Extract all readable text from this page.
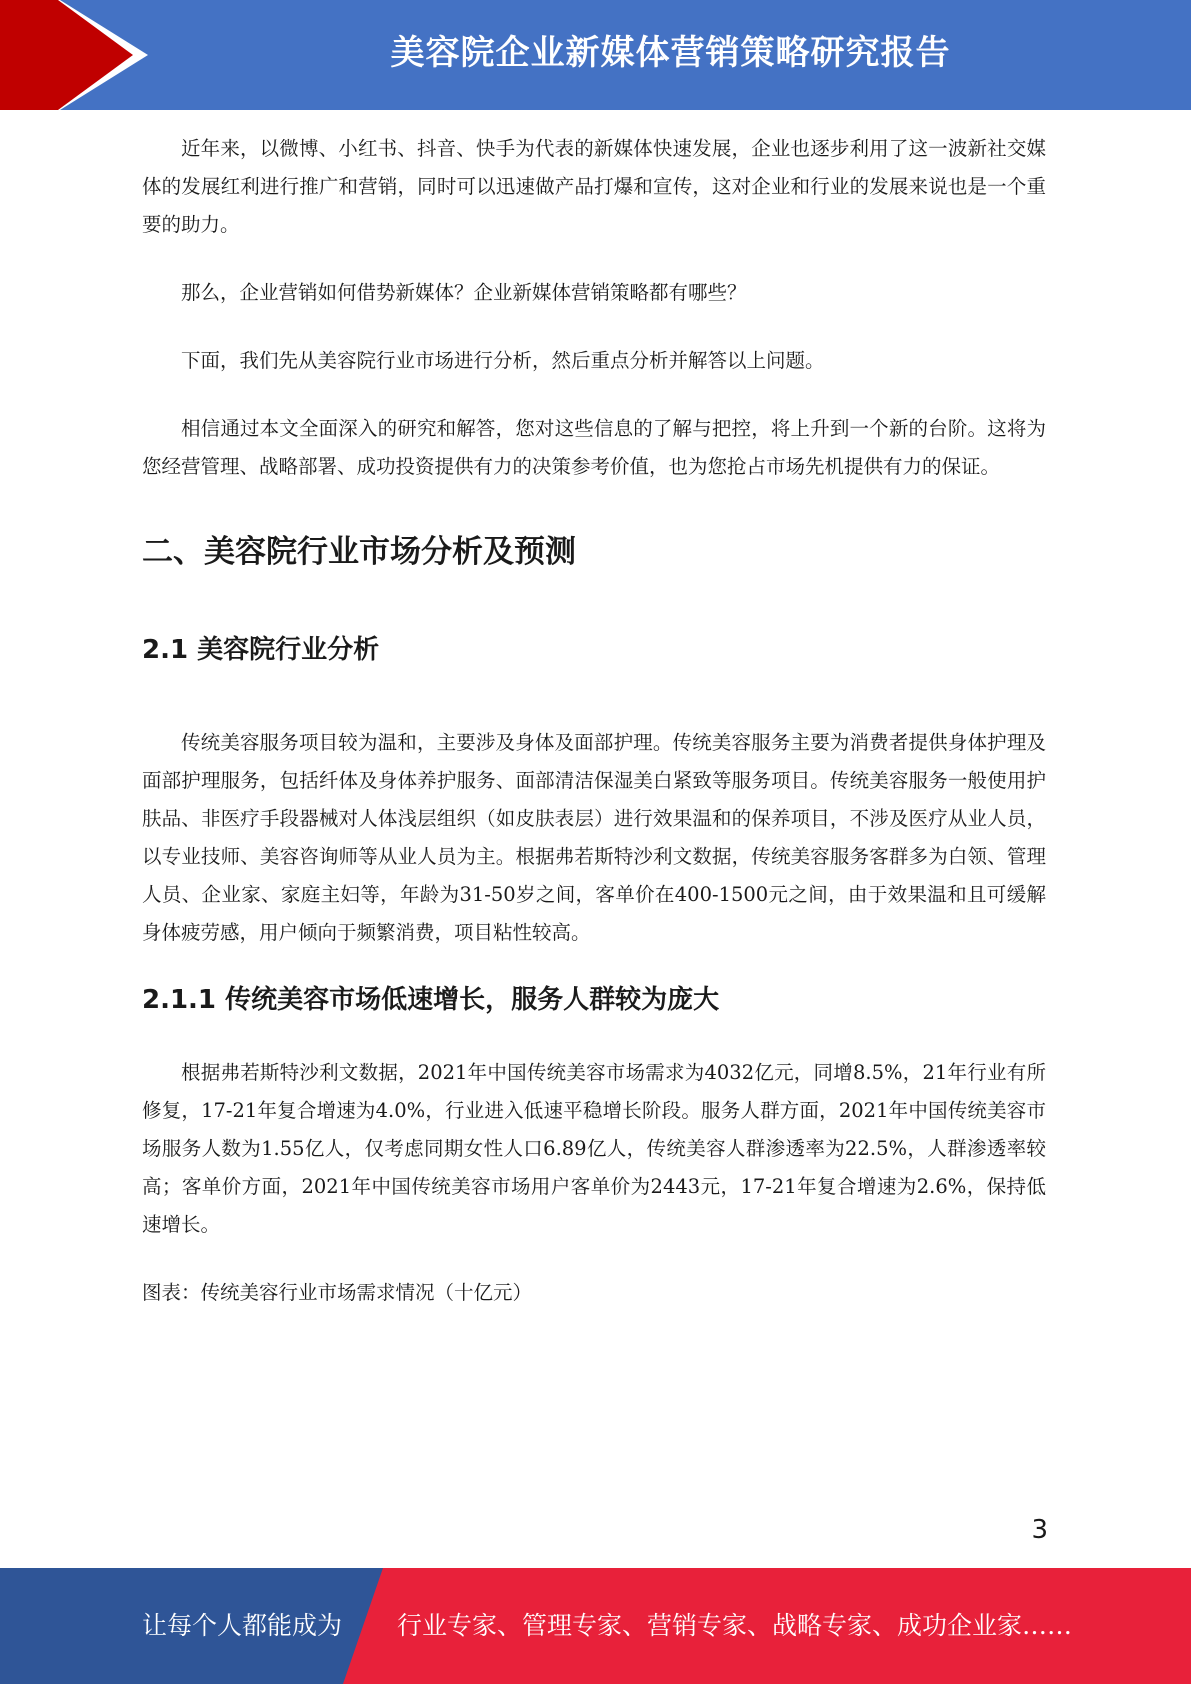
美容院企业新媒体营销策略研究报告

近年来，以微博、小红书、抖音、快手为代表的新媒体快速发展，企业也逐步利用了这一波新社交媒体的发展红利进行推广和营销，同时可以迅速做产品打爆和宣传，这对企业和行业的发展来说也是一个重要的助力。

那么，企业营销如何借势新媒体？企业新媒体营销策略都有哪些？

下面，我们先从美容院行业市场进行分析，然后重点分析并解答以上问题。

相信通过本文全面深入的研究和解答，您对这些信息的了解与把控，将上升到一个新的台阶。这将为您经营管理、战略部署、成功投资提供有力的决策参考价值，也为您抢占市场先机提供有力的保证。

二、美容院行业市场分析及预测
2.1 美容院行业分析

传统美容服务项目较为温和，主要涉及身体及面部护理。传统美容服务主要为消费者提供身体护理及面部护理服务，包括纤体及身体养护服务、面部清洁保湿美白紧致等服务项目。传统美容服务一般使用护肤品、非医疗手段器械对人体浅层组织（如皮肤表层）进行效果温和的保养项目，不涉及医疗从业人员，以专业技师、美容咨询师等从业人员为主。根据弗若斯特沙利文数据，传统美容服务客群多为白领、管理人员、企业家、家庭主妇等，年龄为31-50岁之间，客单价在400-1500元之间，由于效果温和且可缓解身体疲劳感，用户倾向于频繁消费，项目粘性较高。

2.1.1 传统美容市场低速增长，服务人群较为庞大

根据弗若斯特沙利文数据，2021年中国传统美容市场需求为4032亿元，同增8.5%，21年行业有所修复，17-21年复合增速为4.0%，行业进入低速平稳增长阶段。服务人群方面，2021年中国传统美容市场服务人数为1.55亿人，仅考虑同期女性人口6.89亿人，传统美容人群渗透率为22.5%，人群渗透率较高；客单价方面，2021年中国传统美容市场用户客单价为2443元，17-21年复合增速为2.6%，保持低速增长。

图表：传统美容行业市场需求情况（十亿元）

3
让每个人都能成为 行业专家、管理专家、营销专家、战略专家、成功企业家……
